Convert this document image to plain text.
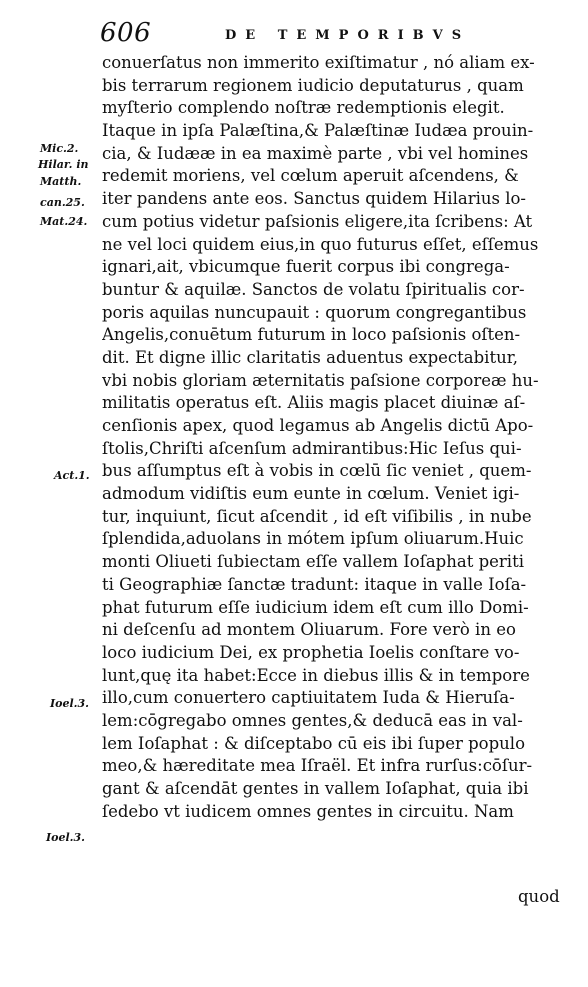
606	DE TEMPORIBVS
Mic.2.
Hilar. in
Matth.
can.25.
Mat.24.
Act.1.
Ioel.3.
Ioel.3.
conuerſatus non immerito exiſtimatur , nó aliam ex-
bis terrarum regionem iudicio deputaturus , quam
myſterio complendo noſtræ redemptionis elegit.
Itaque in ipſa Palæſtina,& Palæſtinæ Iudæa prouin-
cia, & Iudææ in ea maximè parte , vbi vel homines
redemit moriens, vel cœlum aperuit aſcendens, &
iter pandens ante eos. Sanctus quidem Hilarius lo-
cum potius videtur paſsionis eligere,ita ſcribens: At
ne vel loci quidem eius,in quo futurus eſſet, eſſemus
ignari,ait, vbicumque fuerit corpus ibi congrega-
buntur & aquilæ. Sanctos de volatu ſpiritualis cor-
poris aquilas nuncupauit : quorum congregantibus
Angelis,conuētum futurum in loco paſsionis oſten-
dit. Et digne illic claritatis aduentus expectabitur,
vbi nobis gloriam æternitatis paſsione corporeæ hu-
militatis operatus eſt. Aliis magis placet diuinæ aſ-
cenſionis apex, quod legamus ab Angelis dictū Apo-
ſtolis,Chriſti aſcenſum admirantibus:Hic Ieſus qui-
bus aſſumptus eſt à vobis in cœlū ſic veniet , quem-
admodum vidiſtis eum eunte in cœlum. Veniet igi-
tur, inquiunt, ſicut aſcendit , id eſt viſibilis , in nube
ſplendida,aduolans in mótem ipſum oliuarum.Huic
monti Oliueti ſubiectam eſſe vallem Ioſaphat periti
ti Geographiæ ſanctæ tradunt: itaque in valle Ioſa-
phat futurum eſſe iudicium idem eſt cum illo Domi-
ni deſcenſu ad montem Oliuarum. Fore verò in eo
loco iudicium Dei, ex prophetia Ioelis conſtare vo-
lunt,quę ita habet:Ecce in diebus illis & in tempore
illo,cum conuertero captiuitatem Iuda & Hieruſa-
lem:cōgregabo omnes gentes,& deducā eas in val-
lem Ioſaphat : & diſceptabo cū eis ibi ſuper populo
meo,& hæreditate mea Iſraël. Et infra rurſus:cōſur-
gant & aſcendāt gentes in vallem Ioſaphat, quia ibi
ſedebo vt iudicem omnes gentes in circuitu. Nam
quod
